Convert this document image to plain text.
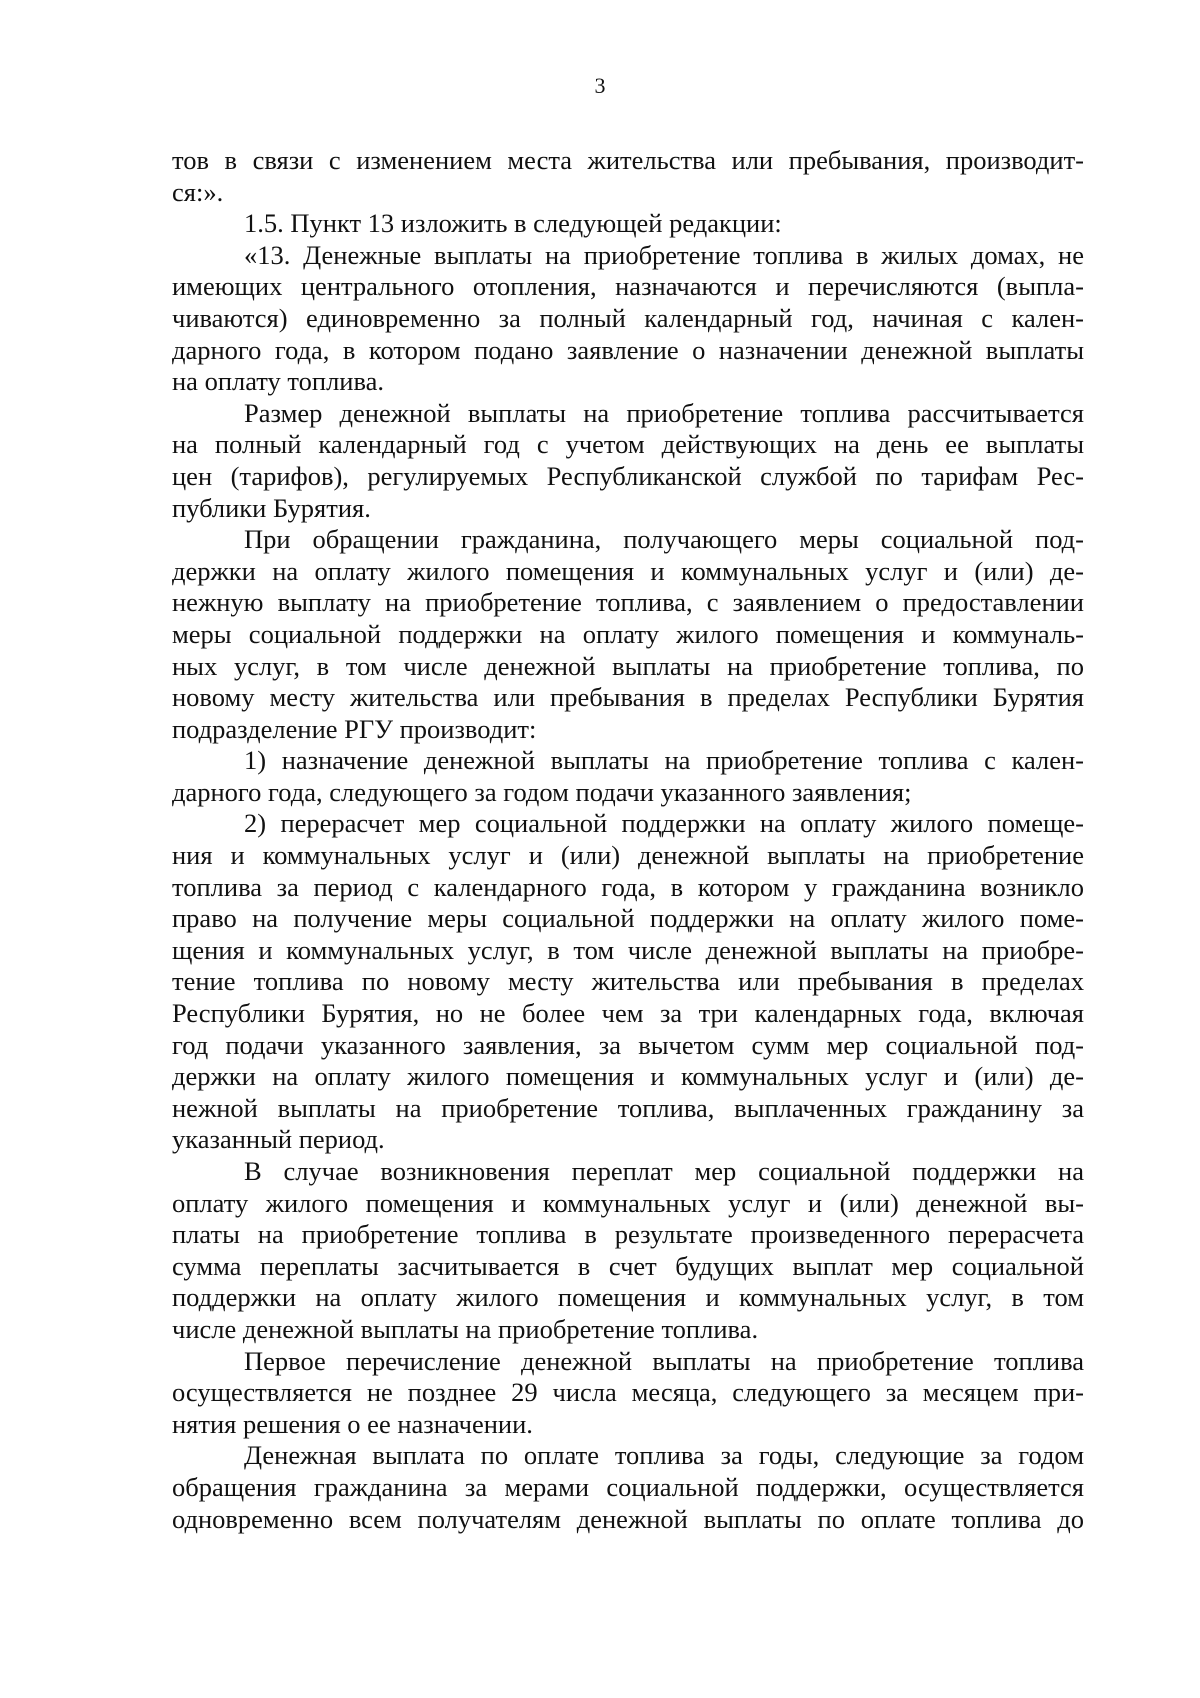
3
тов в связи с изменением места жительства или пребывания, производит-
ся:».
1.5. Пункт 13 изложить в следующей редакции:
«13. Денежные выплаты на приобретение топлива в жилых домах, не
имеющих центрального отопления, назначаются и перечисляются (выпла-
чиваются) единовременно за полный календарный год, начиная с кален-
дарного года, в котором подано заявление о назначении денежной выплаты
на оплату топлива.
Размер денежной выплаты на приобретение топлива рассчитывается
на полный календарный год с учетом действующих на день ее выплаты
цен (тарифов), регулируемых Республиканской службой по тарифам Рес-
публики Бурятия.
При обращении гражданина, получающего меры социальной под-
держки на оплату жилого помещения и коммунальных услуг и (или) де-
нежную выплату на приобретение топлива, с заявлением о предоставлении
меры социальной поддержки на оплату жилого помещения и коммуналь-
ных услуг, в том числе денежной выплаты на приобретение топлива, по
новому месту жительства или пребывания в пределах Республики Бурятия
подразделение РГУ производит:
1) назначение денежной выплаты на приобретение топлива с кален-
дарного года, следующего за годом подачи указанного заявления;
2) перерасчет мер социальной поддержки на оплату жилого помеще-
ния и коммунальных услуг и (или) денежной выплаты на приобретение
топлива за период с календарного года, в котором у гражданина возникло
право на получение меры социальной поддержки на оплату жилого поме-
щения и коммунальных услуг, в том числе денежной выплаты на приобре-
тение топлива по новому месту жительства или пребывания в пределах
Республики Бурятия, но не более чем за три календарных года, включая
год подачи указанного заявления, за вычетом сумм мер социальной под-
держки на оплату жилого помещения и коммунальных услуг и (или) де-
нежной выплаты на приобретение топлива, выплаченных гражданину за
указанный период.
В случае возникновения переплат мер социальной поддержки на
оплату жилого помещения и коммунальных услуг и (или) денежной вы-
платы на приобретение топлива в результате произведенного перерасчета
сумма переплаты засчитывается в счет будущих выплат мер социальной
поддержки на оплату жилого помещения и коммунальных услуг, в том
числе денежной выплаты на приобретение топлива.
Первое перечисление денежной выплаты на приобретение топлива
осуществляется не позднее 29 числа месяца, следующего за месяцем при-
нятия решения о ее назначении.
Денежная выплата по оплате топлива за годы, следующие за годом
обращения гражданина за мерами социальной поддержки, осуществляется
одновременно всем получателям денежной выплаты по оплате топлива до
